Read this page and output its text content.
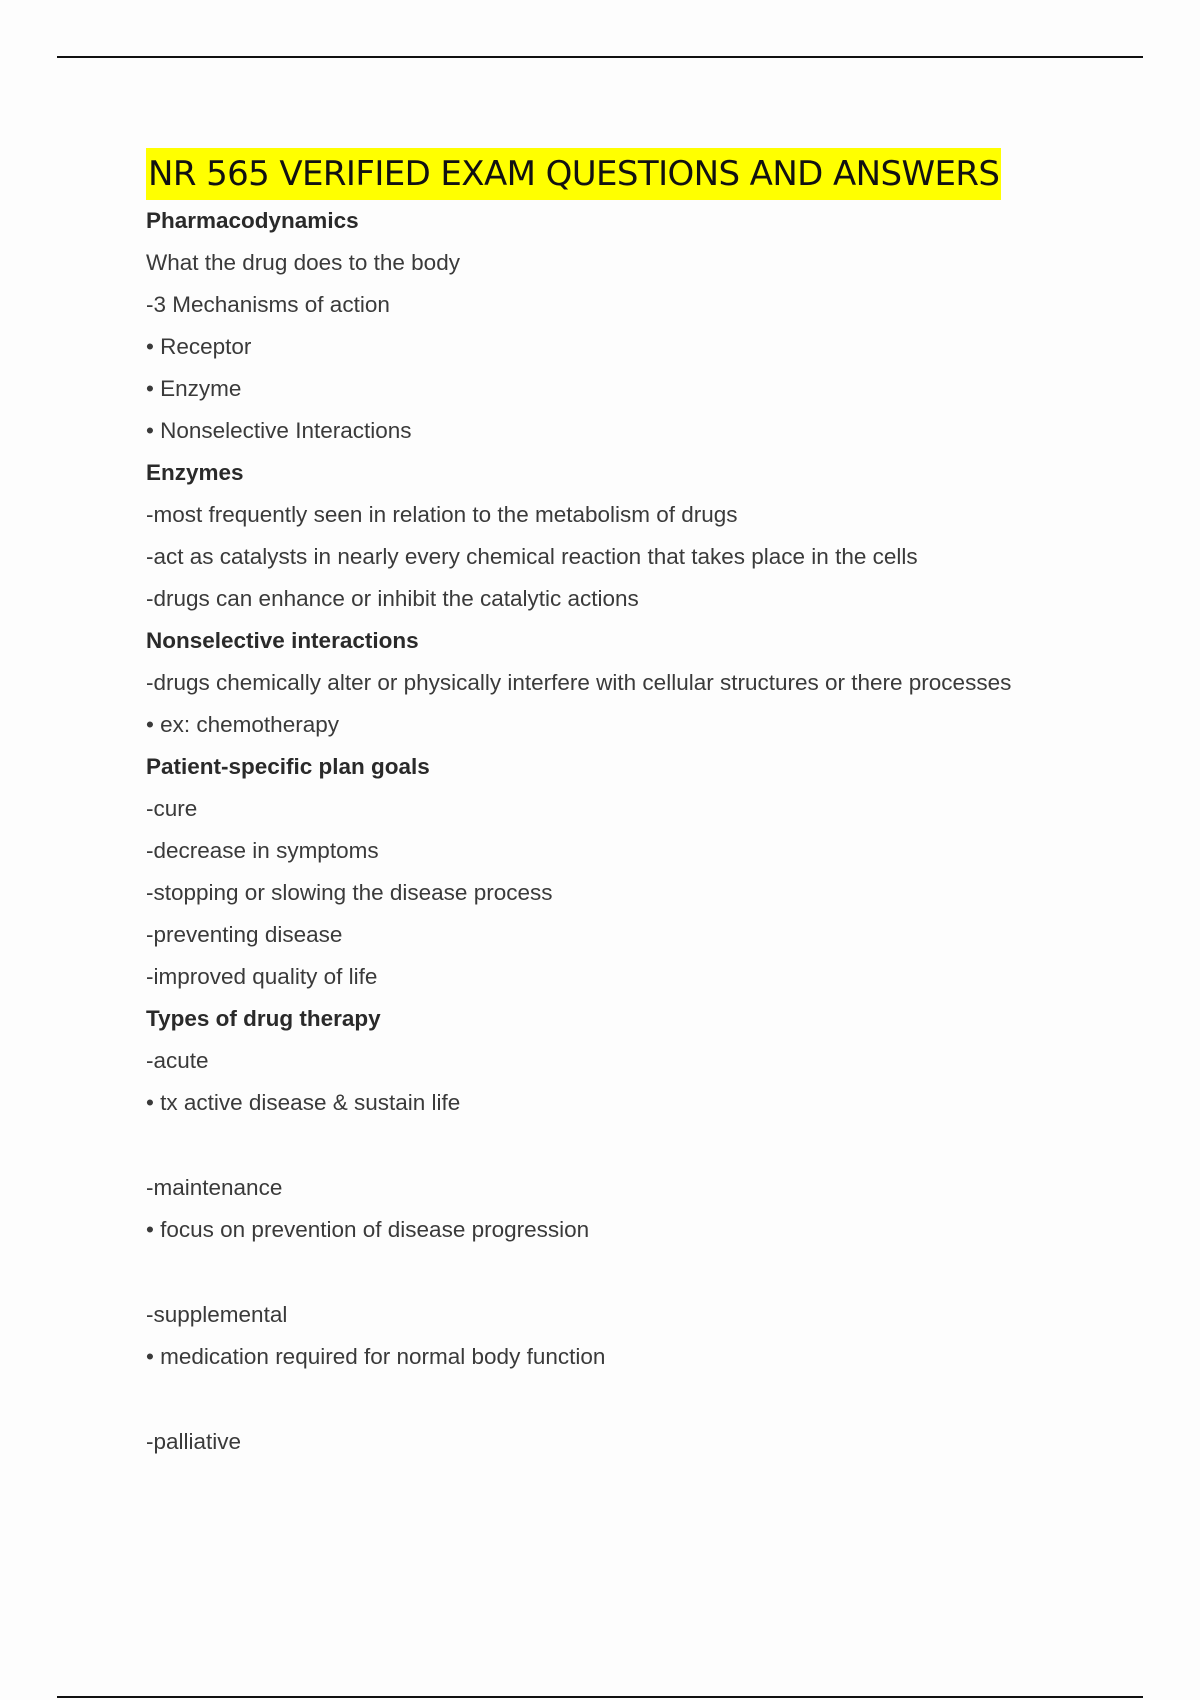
NR 565 VERIFIED EXAM QUESTIONS AND ANSWERS
Pharmacodynamics
What the drug does to the body
-3 Mechanisms of action
• Receptor
• Enzyme
• Nonselective Interactions
Enzymes
-most frequently seen in relation to the metabolism of drugs
-act as catalysts in nearly every chemical reaction that takes place in the cells
-drugs can enhance or inhibit the catalytic actions
Nonselective interactions
-drugs chemically alter or physically interfere with cellular structures or there processes
• ex: chemotherapy
Patient-specific plan goals
-cure
-decrease in symptoms
-stopping or slowing the disease process
-preventing disease
-improved quality of life
Types of drug therapy
-acute
• tx active disease & sustain life
-maintenance
• focus on prevention of disease progression
-supplemental
• medication required for normal body function
-palliative
